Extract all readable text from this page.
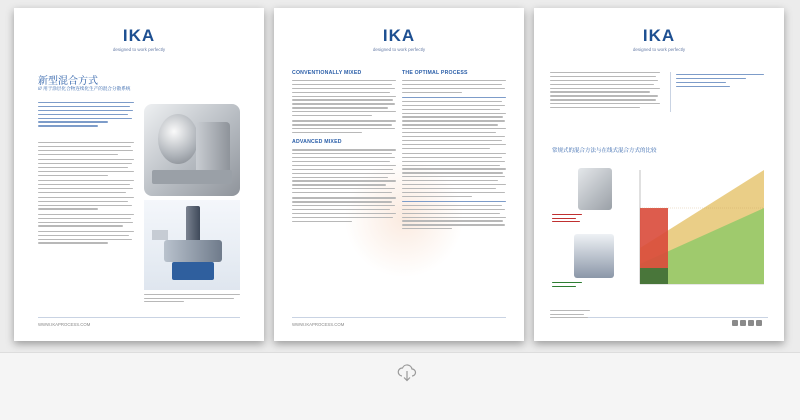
IKA
designed to work perfectly
新型混合方式
/// 用于涂层化合物连续化生产的混合分散系统
WWW.IKAPROCESS.COM
IKA
designed to work perfectly
CONVENTIONALLY MIXED
ADVANCED MIXED
THE OPTIMAL PROCESS
WWW.IKAPROCESS.COM
IKA
designed to work perfectly
常规式的混合方法与在线式混合方式的比较
